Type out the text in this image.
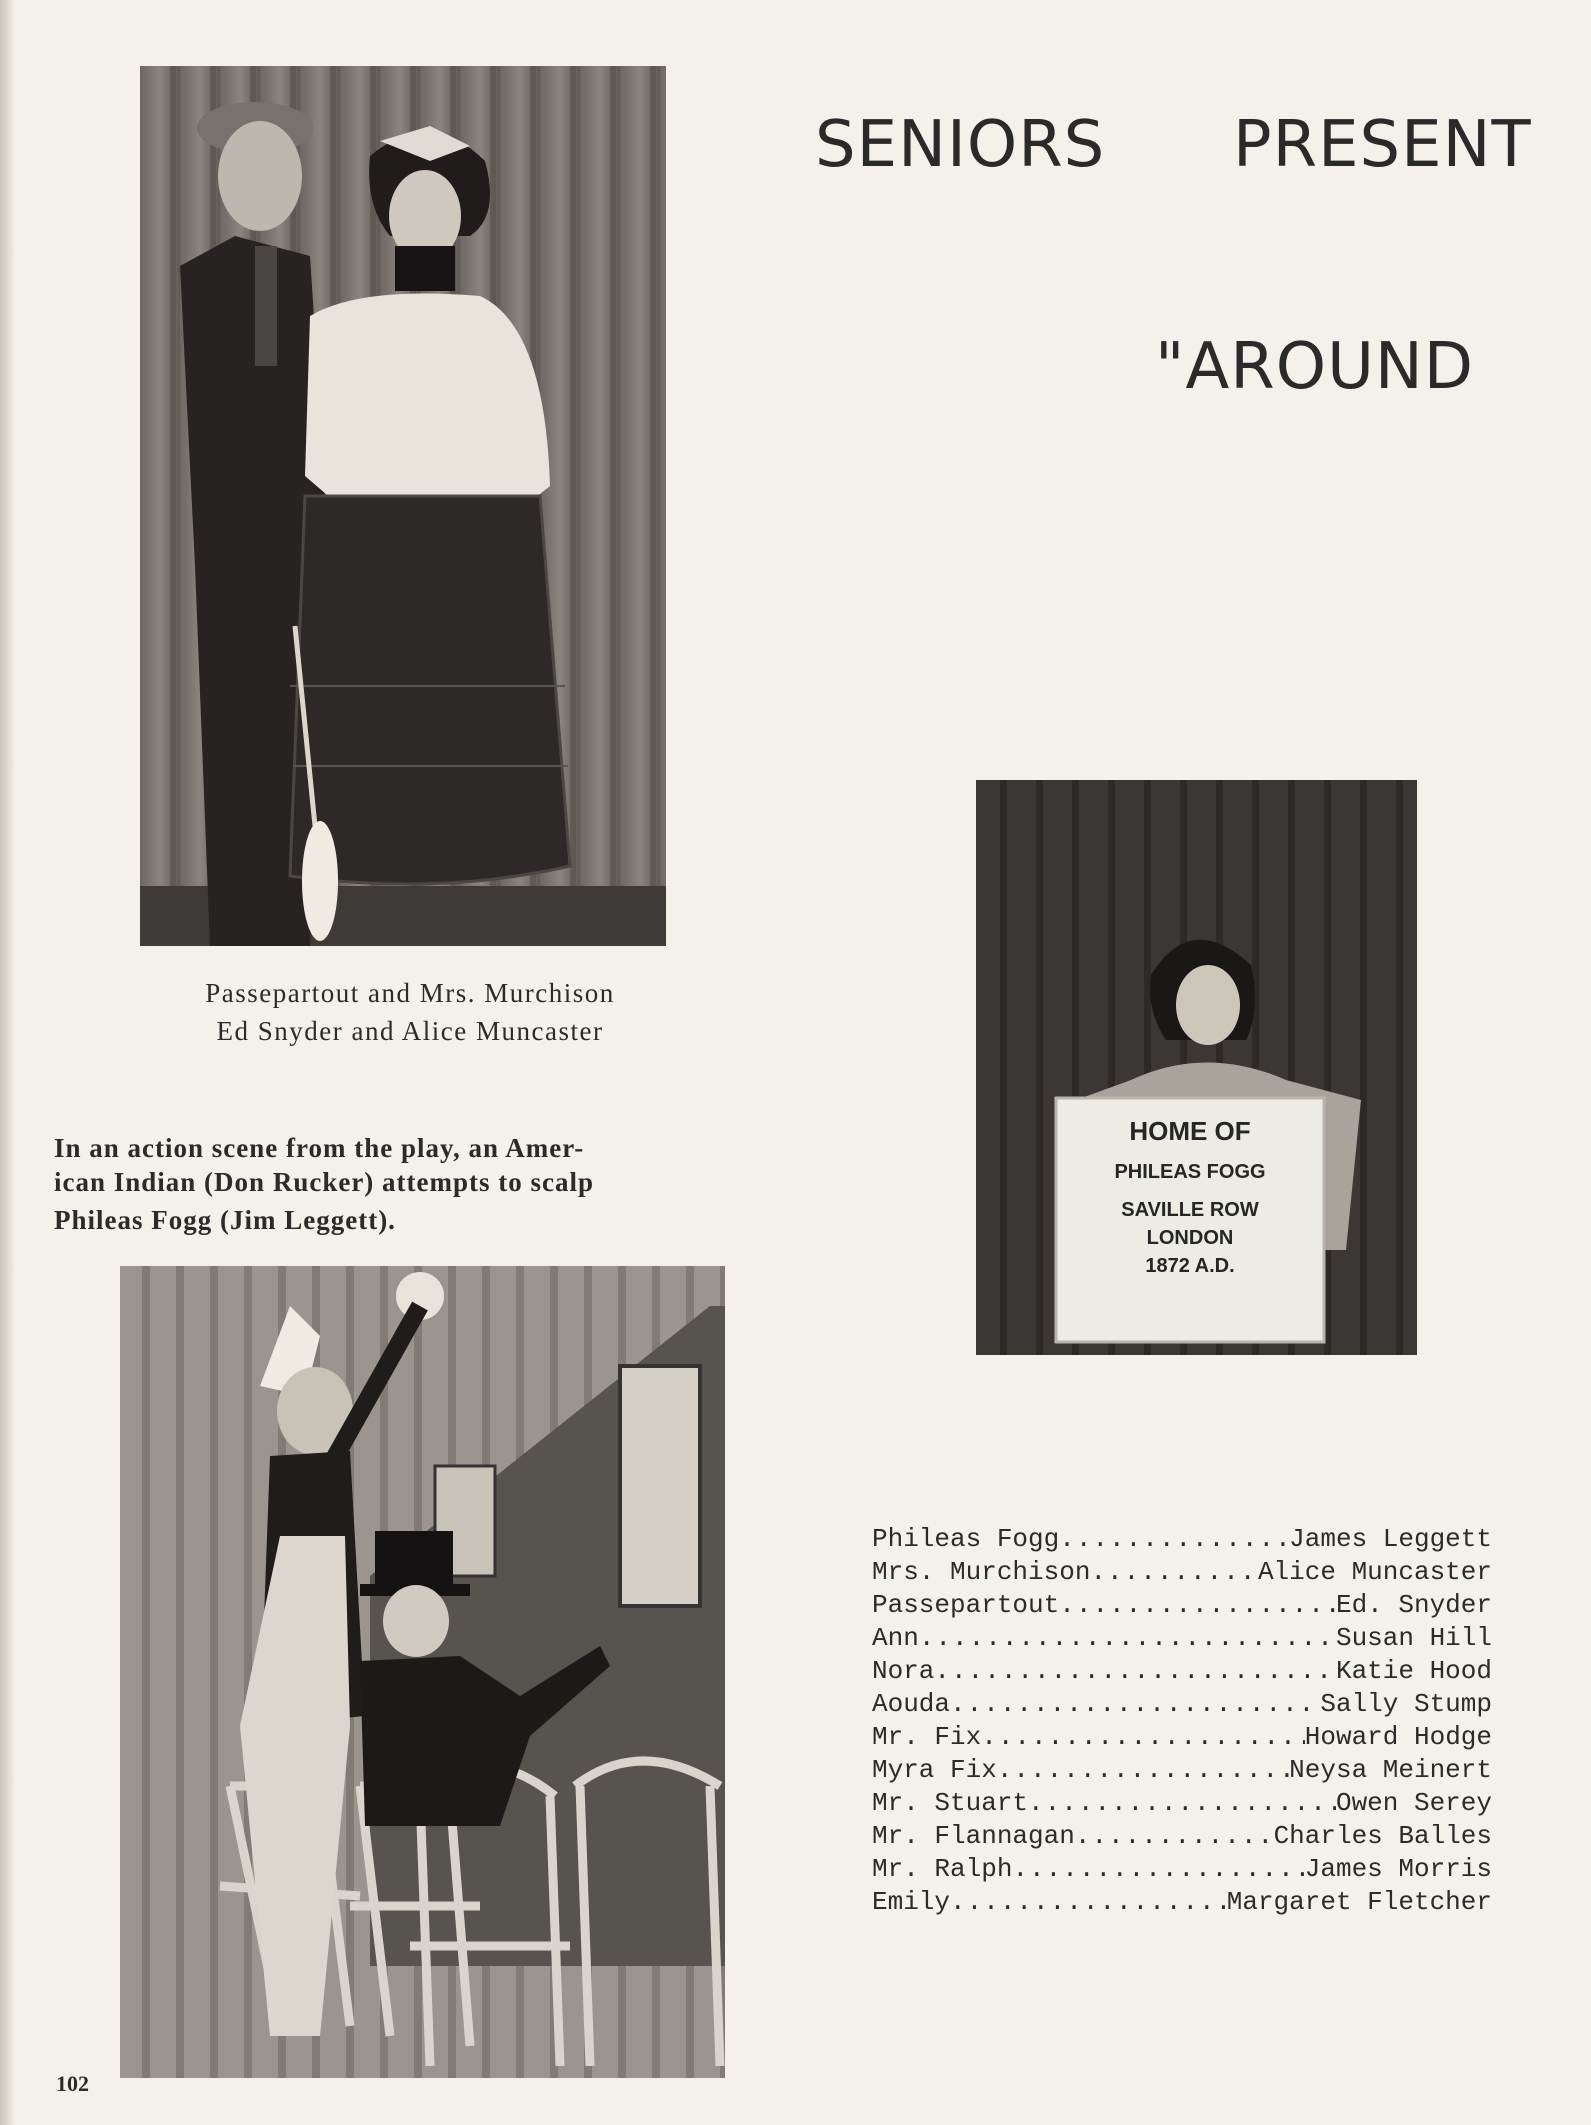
SENIORS PRESENT
"AROUND
Passepartout and Mrs. Murchison
Ed Snyder and Alice Muncaster
HOME OF
PHILEAS FOGG
SAVILLE ROW
LONDON
1872 A.D.
In an action scene from the play, an Amer-
ican Indian (Don Rucker) attempts to scalp
Phileas Fogg (Jim Leggett).
Phileas Fogg .....	James Leggett
Mrs. Murchison .....	Alice Muncaster
Passepartout .....	Ed. Snyder
Ann .....	Susan Hill
Nora .....	Katie Hood
Aouda .....	Sally Stump
Mr. Fix .....	Howard Hodge
Myra Fix .....	Neysa Meinert
Mr. Stuart .....	Owen Serey
Mr. Flannagan .....	Charles Balles
Mr. Ralph .....	James Morris
Emily .....	Margaret Fletcher
102
